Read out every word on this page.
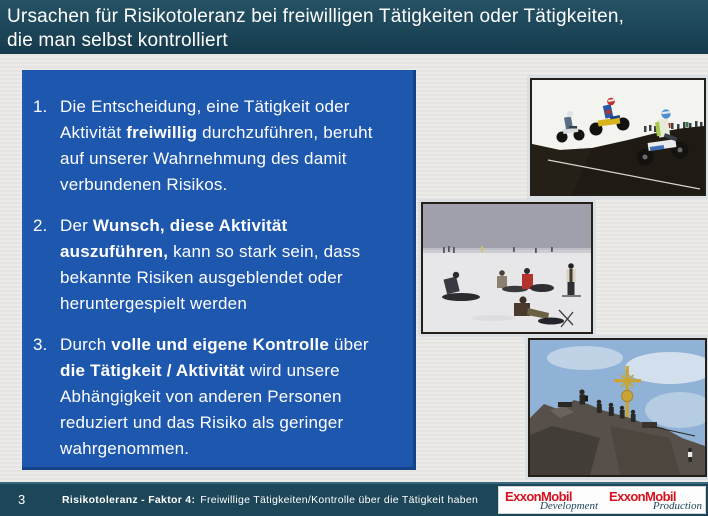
Ursachen für Risikotoleranz bei freiwilligen Tätigkeiten oder Tätigkeiten,
die man selbst kontrolliert
1. Die Entscheidung, eine Tätigkeit oder Aktivität freiwillig durchzuführen, beruht auf unserer Wahrnehmung des damit verbundenen Risikos.
2. Der Wunsch, diese Aktivität auszuführen, kann so stark sein, dass bekannte Risiken ausgeblendet oder heruntergespielt werden
3. Durch volle und eigene Kontrolle über die Tätigkeit / Aktivität wird unsere Abhängigkeit von anderen Personen reduziert und das Risiko als geringer wahrgenommen.
3	Risikotoleranz - Faktor 4: Freiwillige Tätigkeiten/Kontrolle über die Tätigkeit haben ExxonMobil
Development
ExxonMobil
Production
